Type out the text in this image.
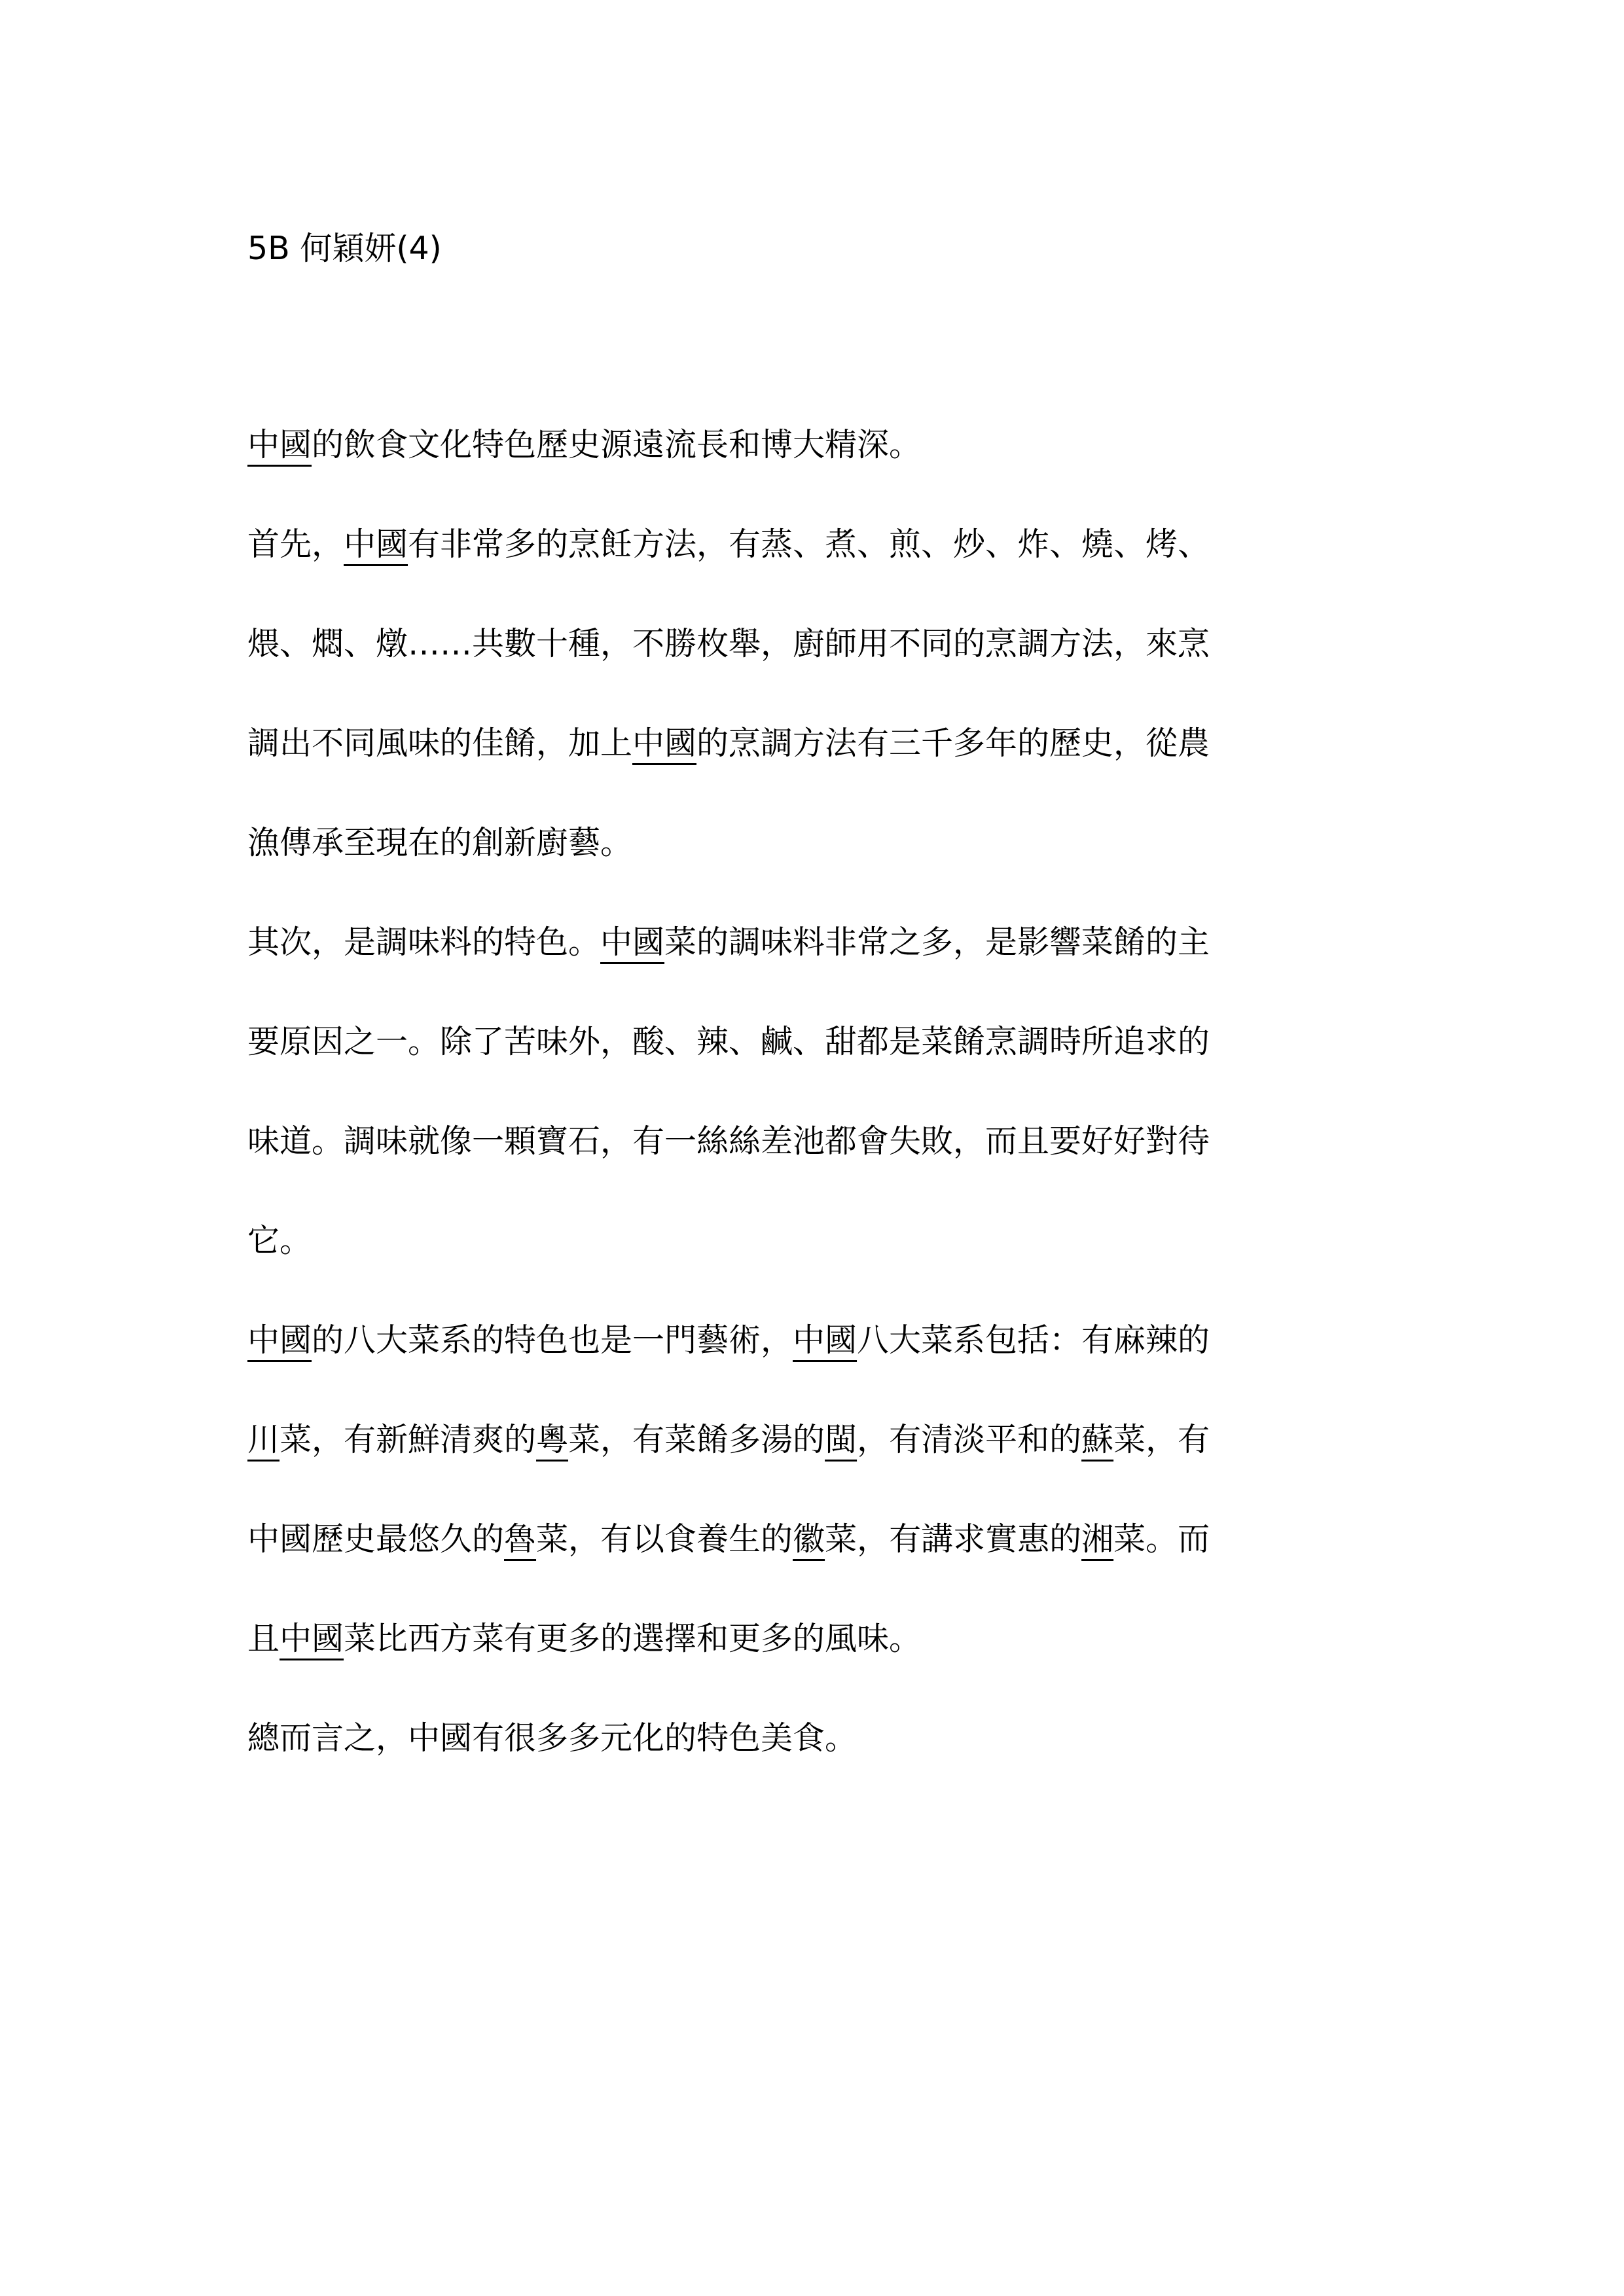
5B 何穎妍(4)
中國的飲食文化特色歷史源遠流長和博大精深。
首先，中國有非常多的烹飪方法，有蒸、煮、煎、炒、炸、燒、烤、
煨、燜、燉……共數十種，不勝枚舉，廚師用不同的烹調方法，來烹
調出不同風味的佳餚，加上中國的烹調方法有三千多年的歷史，從農
漁傳承至現在的創新廚藝。
其次，是調味料的特色。中國菜的調味料非常之多，是影響菜餚的主
要原因之一。除了苦味外，酸、辣、鹹、甜都是菜餚烹調時所追求的
味道。調味就像一顆寶石，有一絲絲差池都會失敗，而且要好好對待
它。
中國的八大菜系的特色也是一門藝術，中國八大菜系包括：有麻辣的
川菜，有新鮮清爽的粵菜，有菜餚多湯的閩，有清淡平和的蘇菜，有
中國歷史最悠久的魯菜，有以食養生的徽菜，有講求實惠的湘菜。而
且中國菜比西方菜有更多的選擇和更多的風味。
總而言之，中國有很多多元化的特色美食。
